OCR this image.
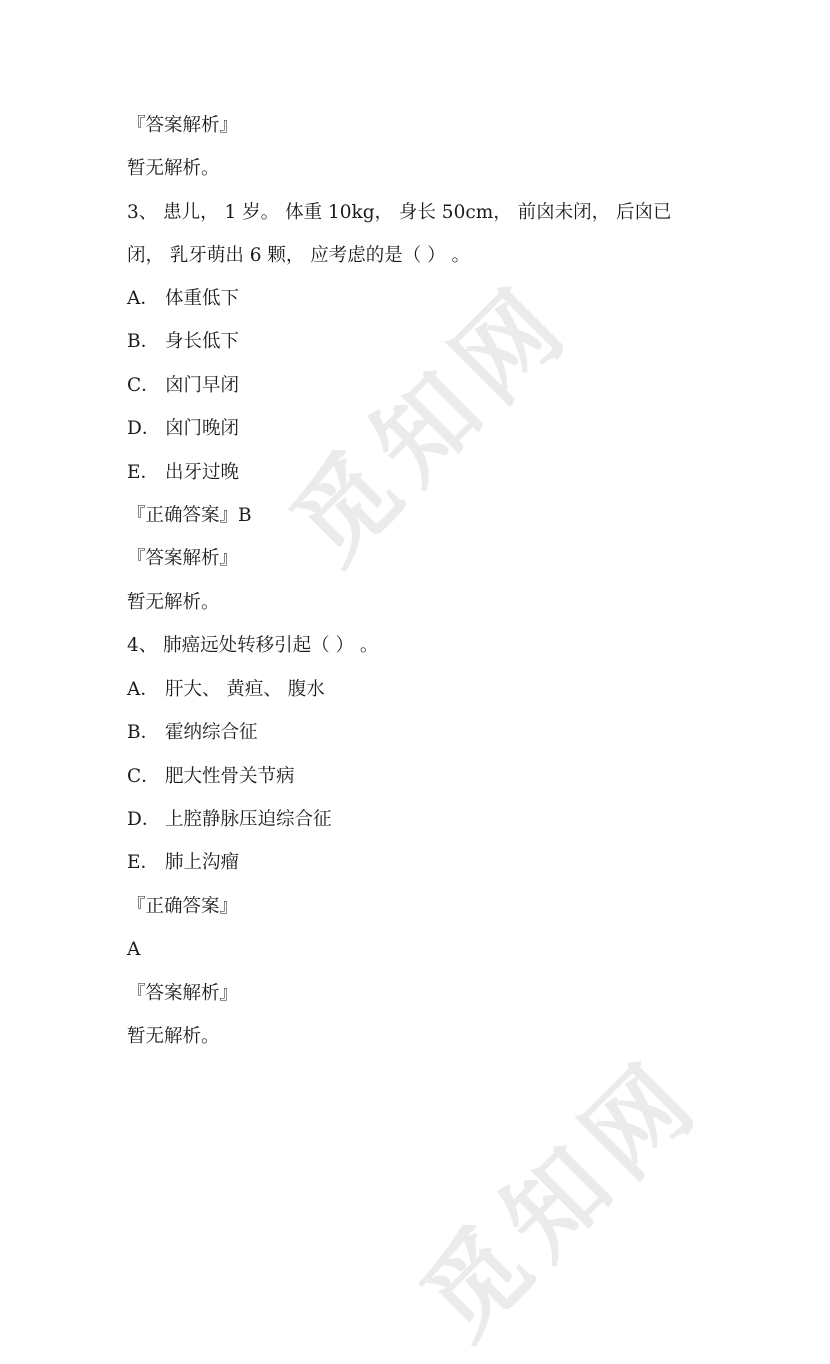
觅知网
觅知网
『答案解析』
暂无解析。
3、 患儿， 1 岁。 体重 10kg， 身长 50cm， 前囟未闭， 后囟已
闭， 乳牙萌出 6 颗， 应考虑的是（ ） 。
A． 体重低下
B． 身长低下
C． 囟门早闭
D． 囟门晚闭
E． 出牙过晚
『正确答案』B
『答案解析』
暂无解析。
4、 肺癌远处转移引起（ ） 。
A． 肝大、 黄疸、 腹水
B． 霍纳综合征
C． 肥大性骨关节病
D． 上腔静脉压迫综合征
E． 肺上沟瘤
『正确答案』
A
『答案解析』
暂无解析。
